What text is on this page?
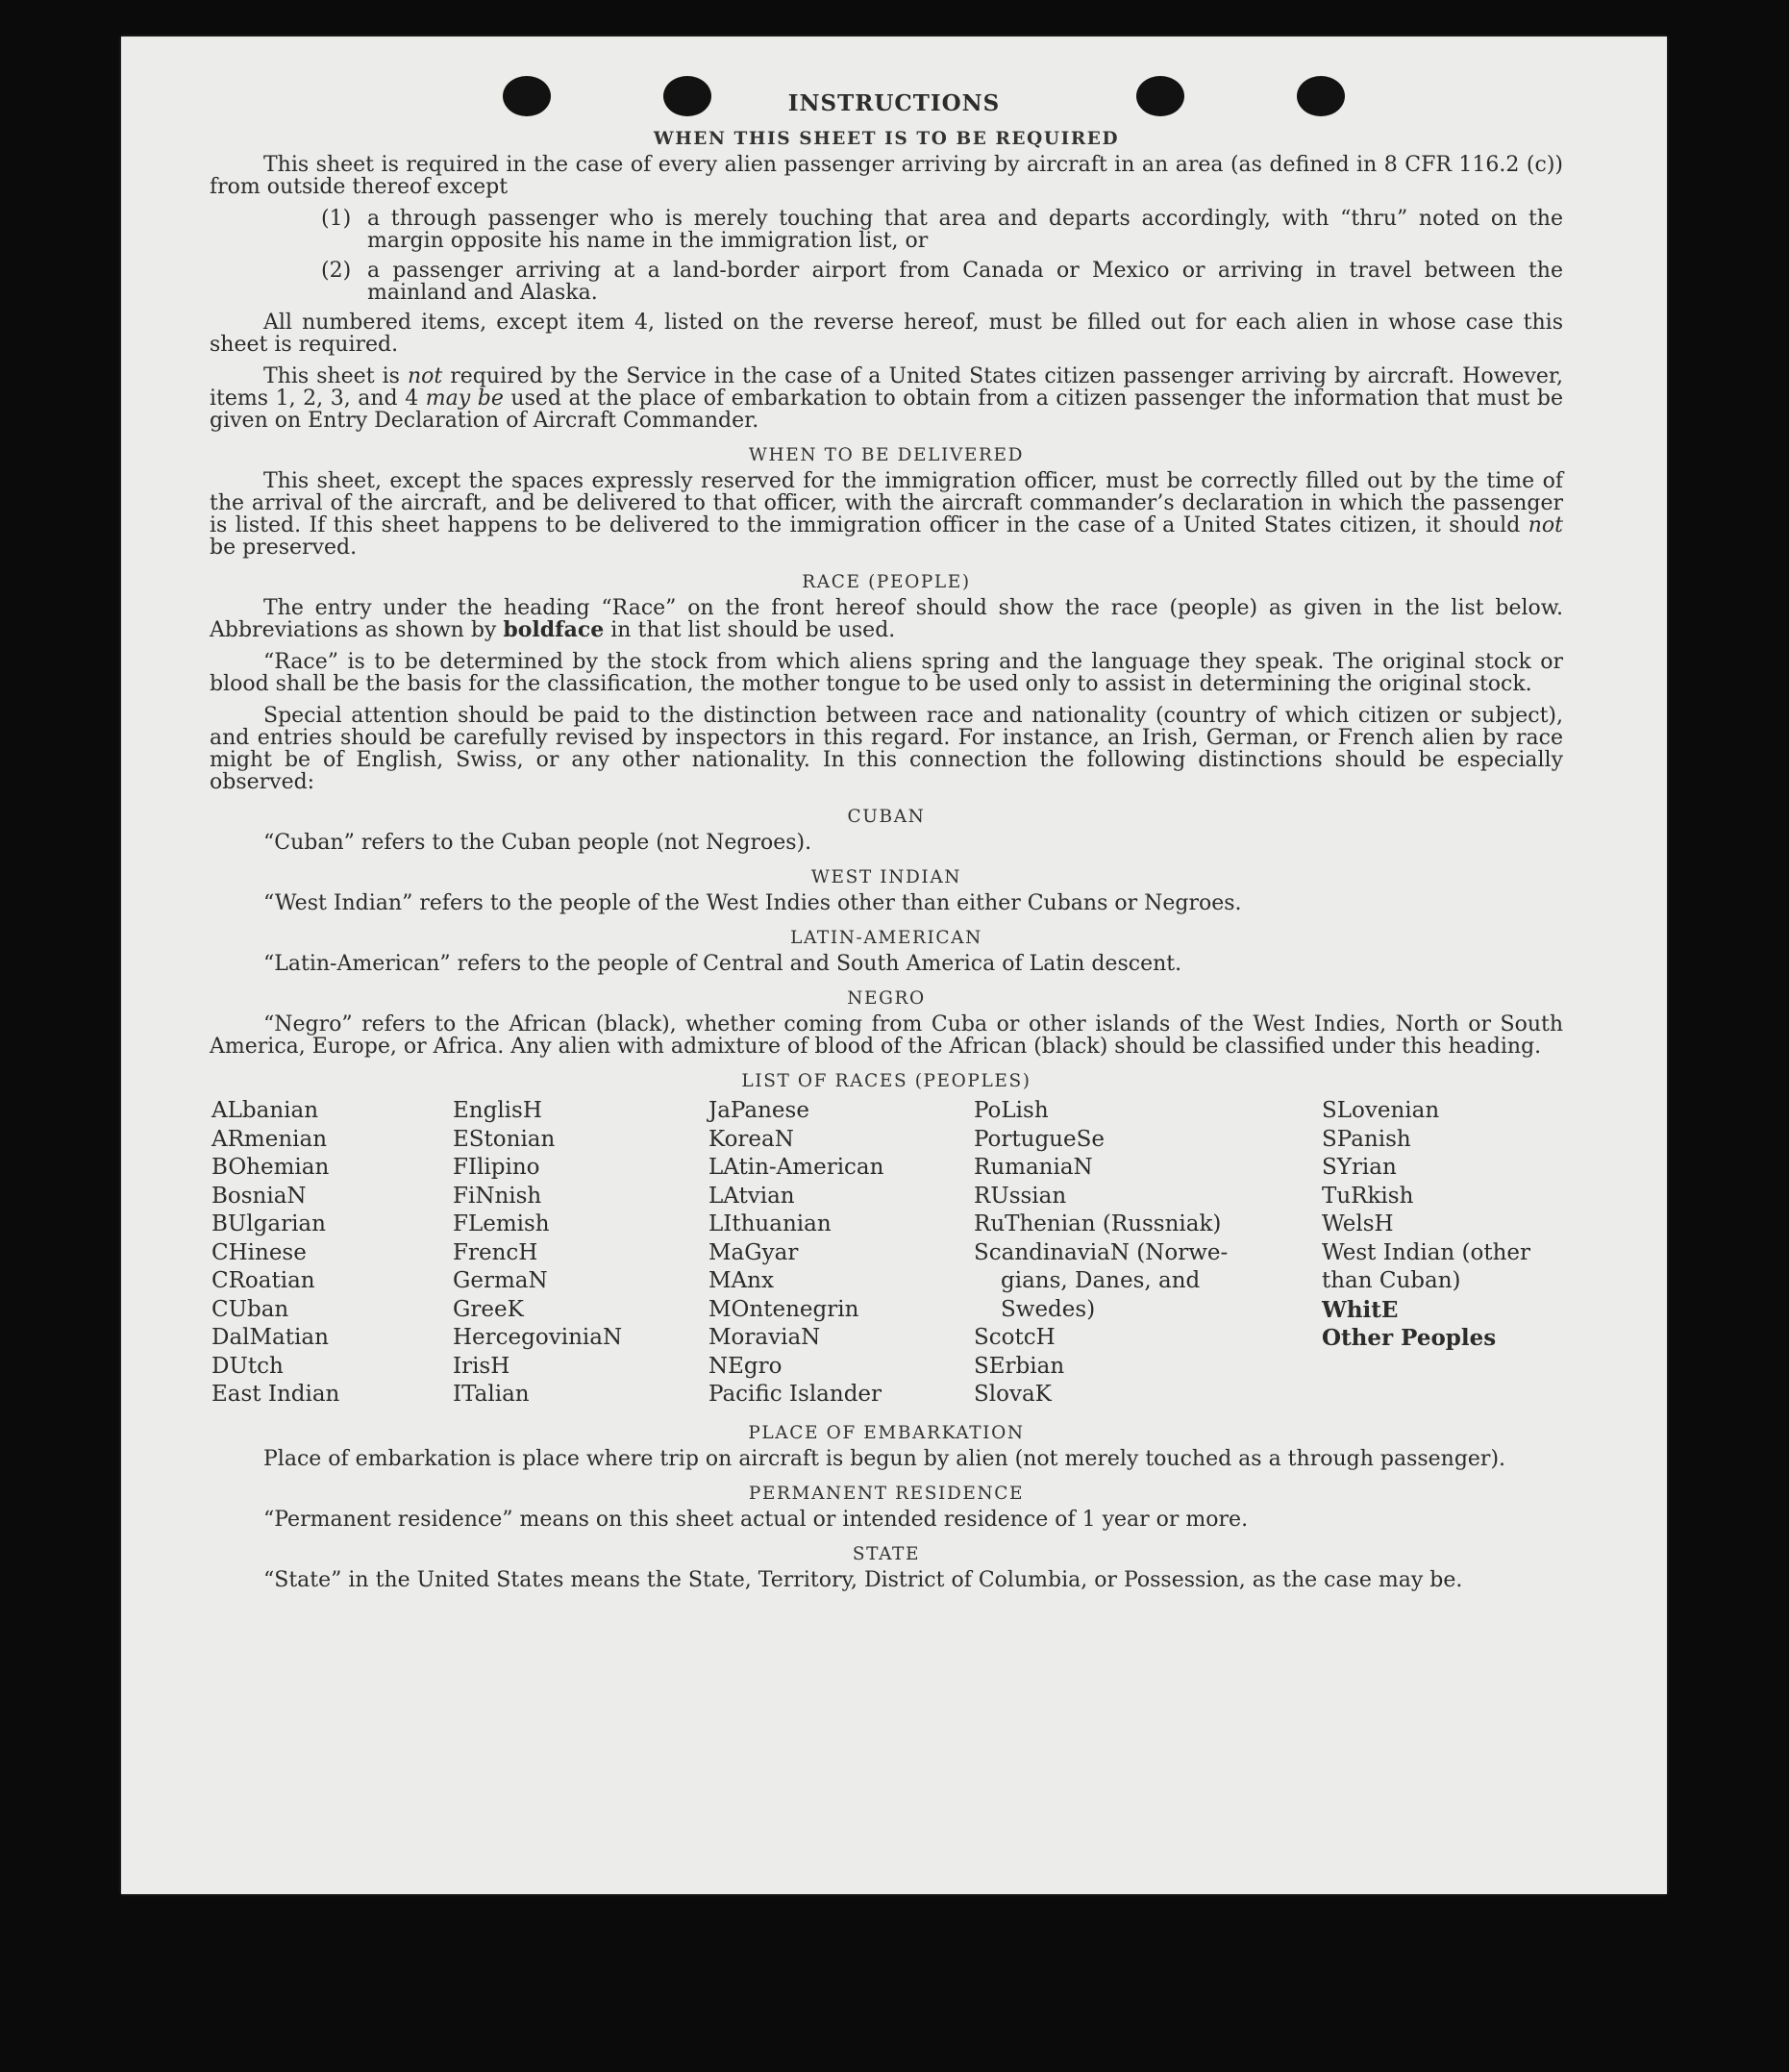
INSTRUCTIONS
WHEN THIS SHEET IS TO BE REQUIRED

This sheet is required in the case of every alien passenger arriving by aircraft in an area (as defined in 8 CFR 116.2 (c)) from outside thereof except

(1) a through passenger who is merely touching that area and departs accordingly, with “thru” noted on the margin opposite his name in the immigration list, or
(2) a passenger arriving at a land-border airport from Canada or Mexico or arriving in travel between the mainland and Alaska.

All numbered items, except item 4, listed on the reverse hereof, must be filled out for each alien in whose case this sheet is required.

This sheet is not required by the Service in the case of a United States citizen passenger arriving by aircraft. However, items 1, 2, 3, and 4 may be used at the place of embarkation to obtain from a citizen passenger the information that must be given on Entry Declaration of Aircraft Commander.

WHEN TO BE DELIVERED

This sheet, except the spaces expressly reserved for the immigration officer, must be correctly filled out by the time of the arrival of the aircraft, and be delivered to that officer, with the aircraft commander’s declaration in which the passenger is listed. If this sheet happens to be delivered to the immigration officer in the case of a United States citizen, it should not be preserved.

RACE (PEOPLE)

The entry under the heading “Race” on the front hereof should show the race (people) as given in the list below. Abbreviations as shown by boldface in that list should be used.

“Race” is to be determined by the stock from which aliens spring and the language they speak. The original stock or blood shall be the basis for the classification, the mother tongue to be used only to assist in determining the original stock.

Special attention should be paid to the distinction between race and nationality (country of which citizen or subject), and entries should be carefully revised by inspectors in this regard. For instance, an Irish, German, or French alien by race might be of English, Swiss, or any other nationality. In this connection the following distinctions should be especially observed:

CUBAN

“Cuban” refers to the Cuban people (not Negroes).

WEST INDIAN

“West Indian” refers to the people of the West Indies other than either Cubans or Negroes.

LATIN-AMERICAN

“Latin-American” refers to the people of Central and South America of Latin descent.

NEGRO

“Negro” refers to the African (black), whether coming from Cuba or other islands of the West Indies, North or South America, Europe, or Africa. Any alien with admixture of blood of the African (black) should be classified under this heading.

LIST OF RACES (PEOPLES)
ALbanian
ARmenian
BOhemian
BosniaN
BUlgarian
CHinese
CRoatian
CUban
DalMatian
DUtch
East Indian
EnglisH
EStonian
FIlipino
FiNnish
FLemish
FrencH
GermaN
GreeK
HercegoviniaN
IrisH
ITalian
JaPanese
KoreaN
LAtin-American
LAtvian
LIthuanian
MaGyar
MAnx
MOntenegrin
MoraviaN
NEgro
Pacific Islander
PoLish
PortugueSe
RumaniaN
RUssian
RuThenian (Russniak)
ScandinaviaN (Norwe-
gians, Danes, and
Swedes)
ScotcH
SErbian
SlovaK
SLovenian
SPanish
SYrian
TuRkish
WelsH
West Indian (other
than Cuban)
WhitE
Other Peoples
PLACE OF EMBARKATION

Place of embarkation is place where trip on aircraft is begun by alien (not merely touched as a through passenger).

PERMANENT RESIDENCE

“Permanent residence” means on this sheet actual or intended residence of 1 year or more.

STATE

“State” in the United States means the State, Territory, District of Columbia, or Possession, as the case may be.
